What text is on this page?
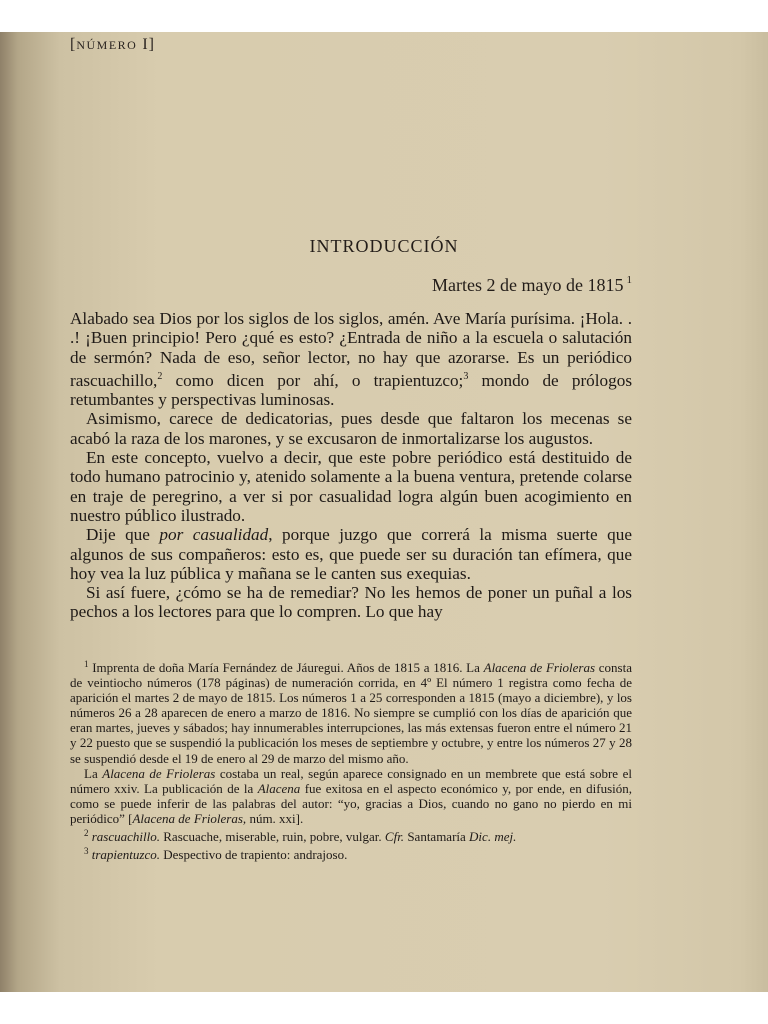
[NÚMERO I]
INTRODUCCIÓN
Martes 2 de mayo de 1815 $^1$

Alabado sea Dios por los siglos de los siglos, amén. Ave María purísima. ¡Hola. . .! ¡Buen principio! Pero ¿qué es esto? ¿Entrada de niño a la escuela o salutación de sermón? Nada de eso, señor lector, no hay que azorarse. Es un periódico rascuachillo,$^2$ como dicen por ahí, o trapientuzco;$^3$ mondo de prólogos retumbantes y perspectivas luminosas.

Asimismo, carece de dedicatorias, pues desde que faltaron los mecenas se acabó la raza de los marones, y se excusaron de inmortalizarse los augustos.

En este concepto, vuelvo a decir, que este pobre periódico está destituido de todo humano patrocinio y, atenido solamente a la buena ventura, pretende colarse en traje de peregrino, a ver si por casualidad logra algún buen acogimiento en nuestro público ilustrado.

Dije que por casualidad, porque juzgo que correrá la misma suerte que algunos de sus compañeros: esto es, que puede ser su duración tan efímera, que hoy vea la luz pública y mañana se le canten sus exequias.

Si así fuere, ¿cómo se ha de remediar? No les hemos de poner un puñal a los pechos a los lectores para que lo compren. Lo que hay

$^1$ Imprenta de doña María Fernández de Jáuregui. Años de 1815 a 1816. La Alacena de Frioleras consta de veintiocho números (178 páginas) de numeración corrida, en 4º El número 1 registra como fecha de aparición el martes 2 de mayo de 1815. Los números 1 a 25 corresponden a 1815 (mayo a diciembre), y los números 26 a 28 aparecen de enero a marzo de 1816. No siempre se cumplió con los días de aparición que eran martes, jueves y sábados; hay innumerables interrupciones, las más extensas fueron entre el número 21 y 22 puesto que se suspendió la publicación los meses de septiembre y octubre, y entre los números 27 y 28 se suspendió desde el 19 de enero al 29 de marzo del mismo año.

La Alacena de Frioleras costaba un real, según aparece consignado en un membrete que está sobre el número xxiv. La publicación de la Alacena fue exitosa en el aspecto económico y, por ende, en difusión, como se puede inferir de las palabras del autor: “yo, gracias a Dios, cuando no gano no pierdo en mi periódico” [Alacena de Frioleras, núm. xxi].

$^2$ rascuachillo. Rascuache, miserable, ruin, pobre, vulgar. Cfr. Santamaría Dic. mej.

$^3$ trapientuzco. Despectivo de trapiento: andrajoso.
